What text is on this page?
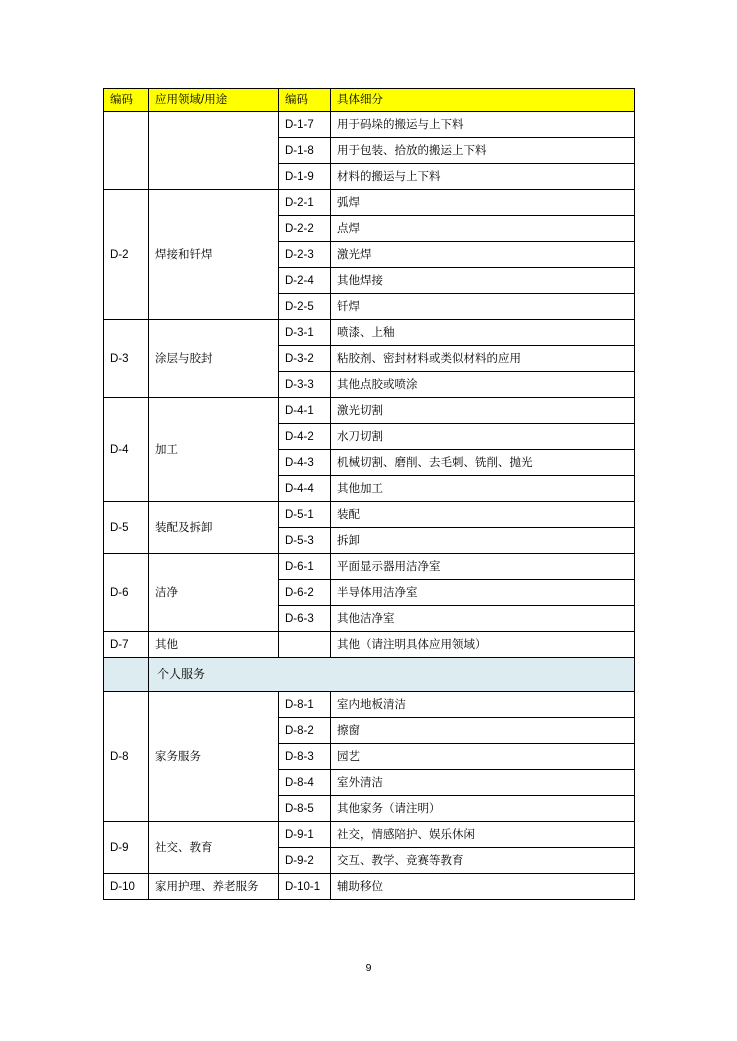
编码	应用领域/用途	编码	具体细分
		D-1-7	用于码垛的搬运与上下料
		D-1-8	用于包装、拾放的搬运上下料
		D-1-9	材料的搬运与上下料
D-2	焊接和钎焊	D-2-1	弧焊
		D-2-2	点焊
		D-2-3	激光焊
		D-2-4	其他焊接
		D-2-5	钎焊
D-3	涂层与胶封	D-3-1	喷漆、上釉
		D-3-2	粘胶剂、密封材料或类似材料的应用
		D-3-3	其他点胶或喷涂
D-4	加工	D-4-1	激光切割
		D-4-2	水刀切割
		D-4-3	机械切割、磨削、去毛刺、铣削、抛光
		D-4-4	其他加工
D-5	装配及拆卸	D-5-1	装配
		D-5-3	拆卸
D-6	洁净	D-6-1	平面显示器用洁净室
		D-6-2	半导体用洁净室
		D-6-3	其他洁净室
D-7	其他		其他（请注明具体应用领域）
	个人服务		
D-8	家务服务	D-8-1	室内地板清洁
		D-8-2	擦窗
		D-8-3	园艺
		D-8-4	室外清洁
		D-8-5	其他家务（请注明）
D-9	社交、教育	D-9-1	社交，情感陪护、娱乐休闲
		D-9-2	交互、教学、竞赛等教育
D-10	家用护理、养老服务	D-10-1	辅助移位
9
